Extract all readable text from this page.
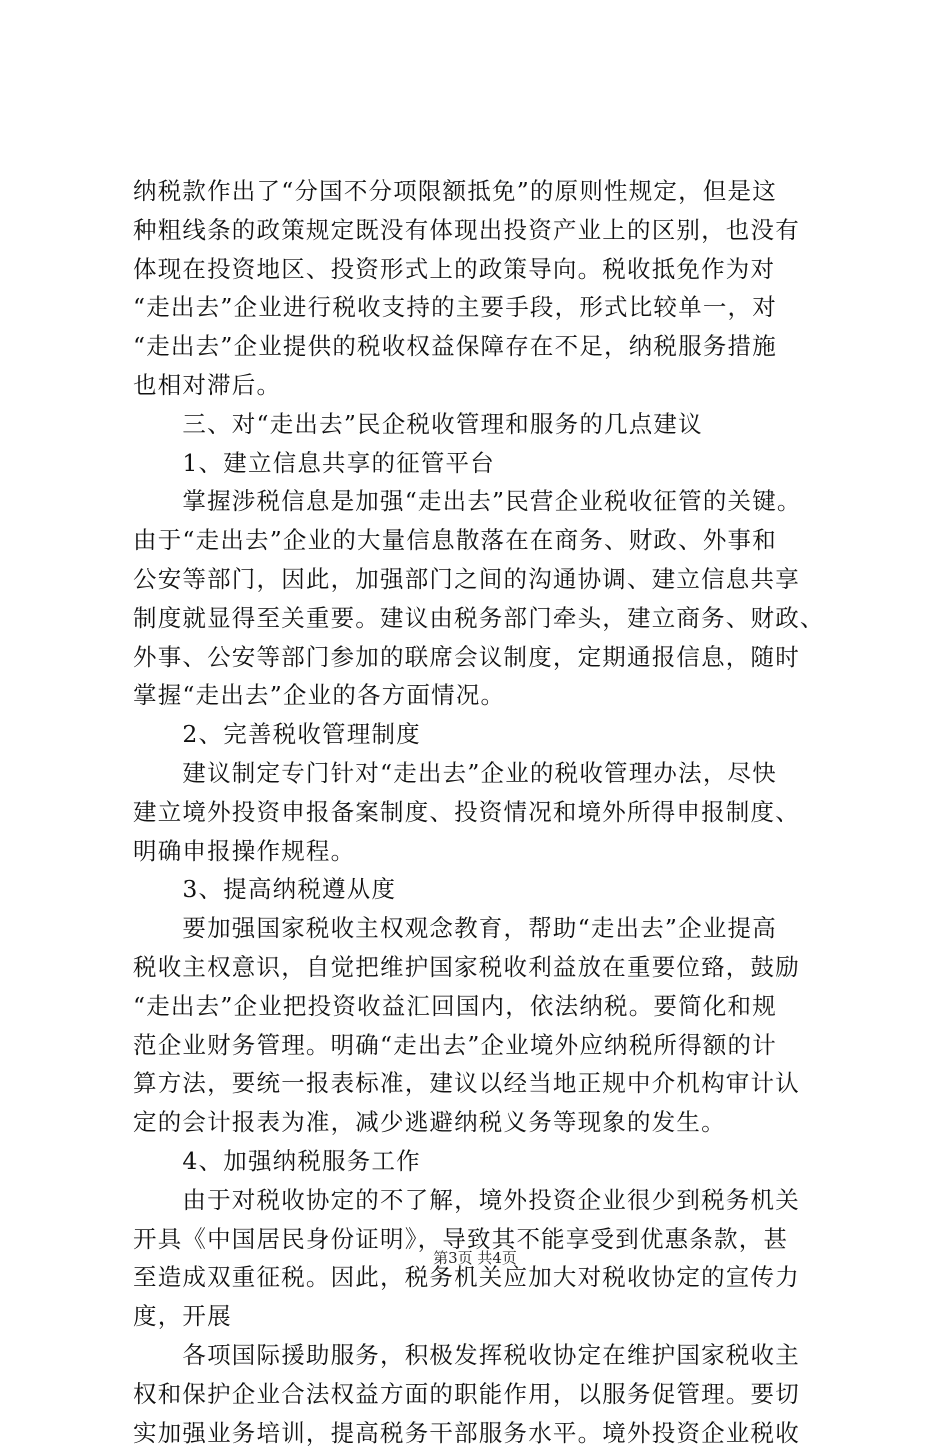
纳税款作出了“分国不分项限额抵免”的原则性规定，但是这
种粗线条的政策规定既没有体现出投资产业上的区别，也没有
体现在投资地区、投资形式上的政策导向。税收抵免作为对
“走出去”企业进行税收支持的主要手段，形式比较单一，对
“走出去”企业提供的税收权益保障存在不足，纳税服务措施
也相对滞后。
　　三、对“走出去”民企税收管理和服务的几点建议
　　1、建立信息共享的征管平台
　　掌握涉税信息是加强“走出去”民营企业税收征管的关键。
由于“走出去”企业的大量信息散落在在商务、财政、外事和
公安等部门，因此，加强部门之间的沟通协调、建立信息共享
制度就显得至关重要。建议由税务部门牵头，建立商务、财政、
外事、公安等部门参加的联席会议制度，定期通报信息，随时
掌握“走出去”企业的各方面情况。
　　2、完善税收管理制度
　　建议制定专门针对“走出去”企业的税收管理办法，尽快
建立境外投资申报备案制度、投资情况和境外所得申报制度、
明确申报操作规程。
　　3、提高纳税遵从度
　　要加强国家税收主权观念教育，帮助“走出去”企业提高
税收主权意识，自觉把维护国家税收利益放在重要位臵，鼓励
“走出去”企业把投资收益汇回国内，依法纳税。要简化和规
范企业财务管理。明确“走出去”企业境外应纳税所得额的计
算方法，要统一报表标准，建议以经当地正规中介机构审计认
定的会计报表为准，减少逃避纳税义务等现象的发生。
　　4、加强纳税服务工作
　　由于对税收协定的不了解，境外投资企业很少到税务机关
开具《中国居民身份证明》，导致其不能享受到优惠条款，甚
至造成双重征税。因此，税务机关应加大对税收协定的宣传力
度，开展
　　各项国际援助服务，积极发挥税收协定在维护国家税收主
权和保护企业合法权益方面的职能作用，以服务促管理。要切
实加强业务培训，提高税务干部服务水平。境外投资企业税收
第3页 共4页
